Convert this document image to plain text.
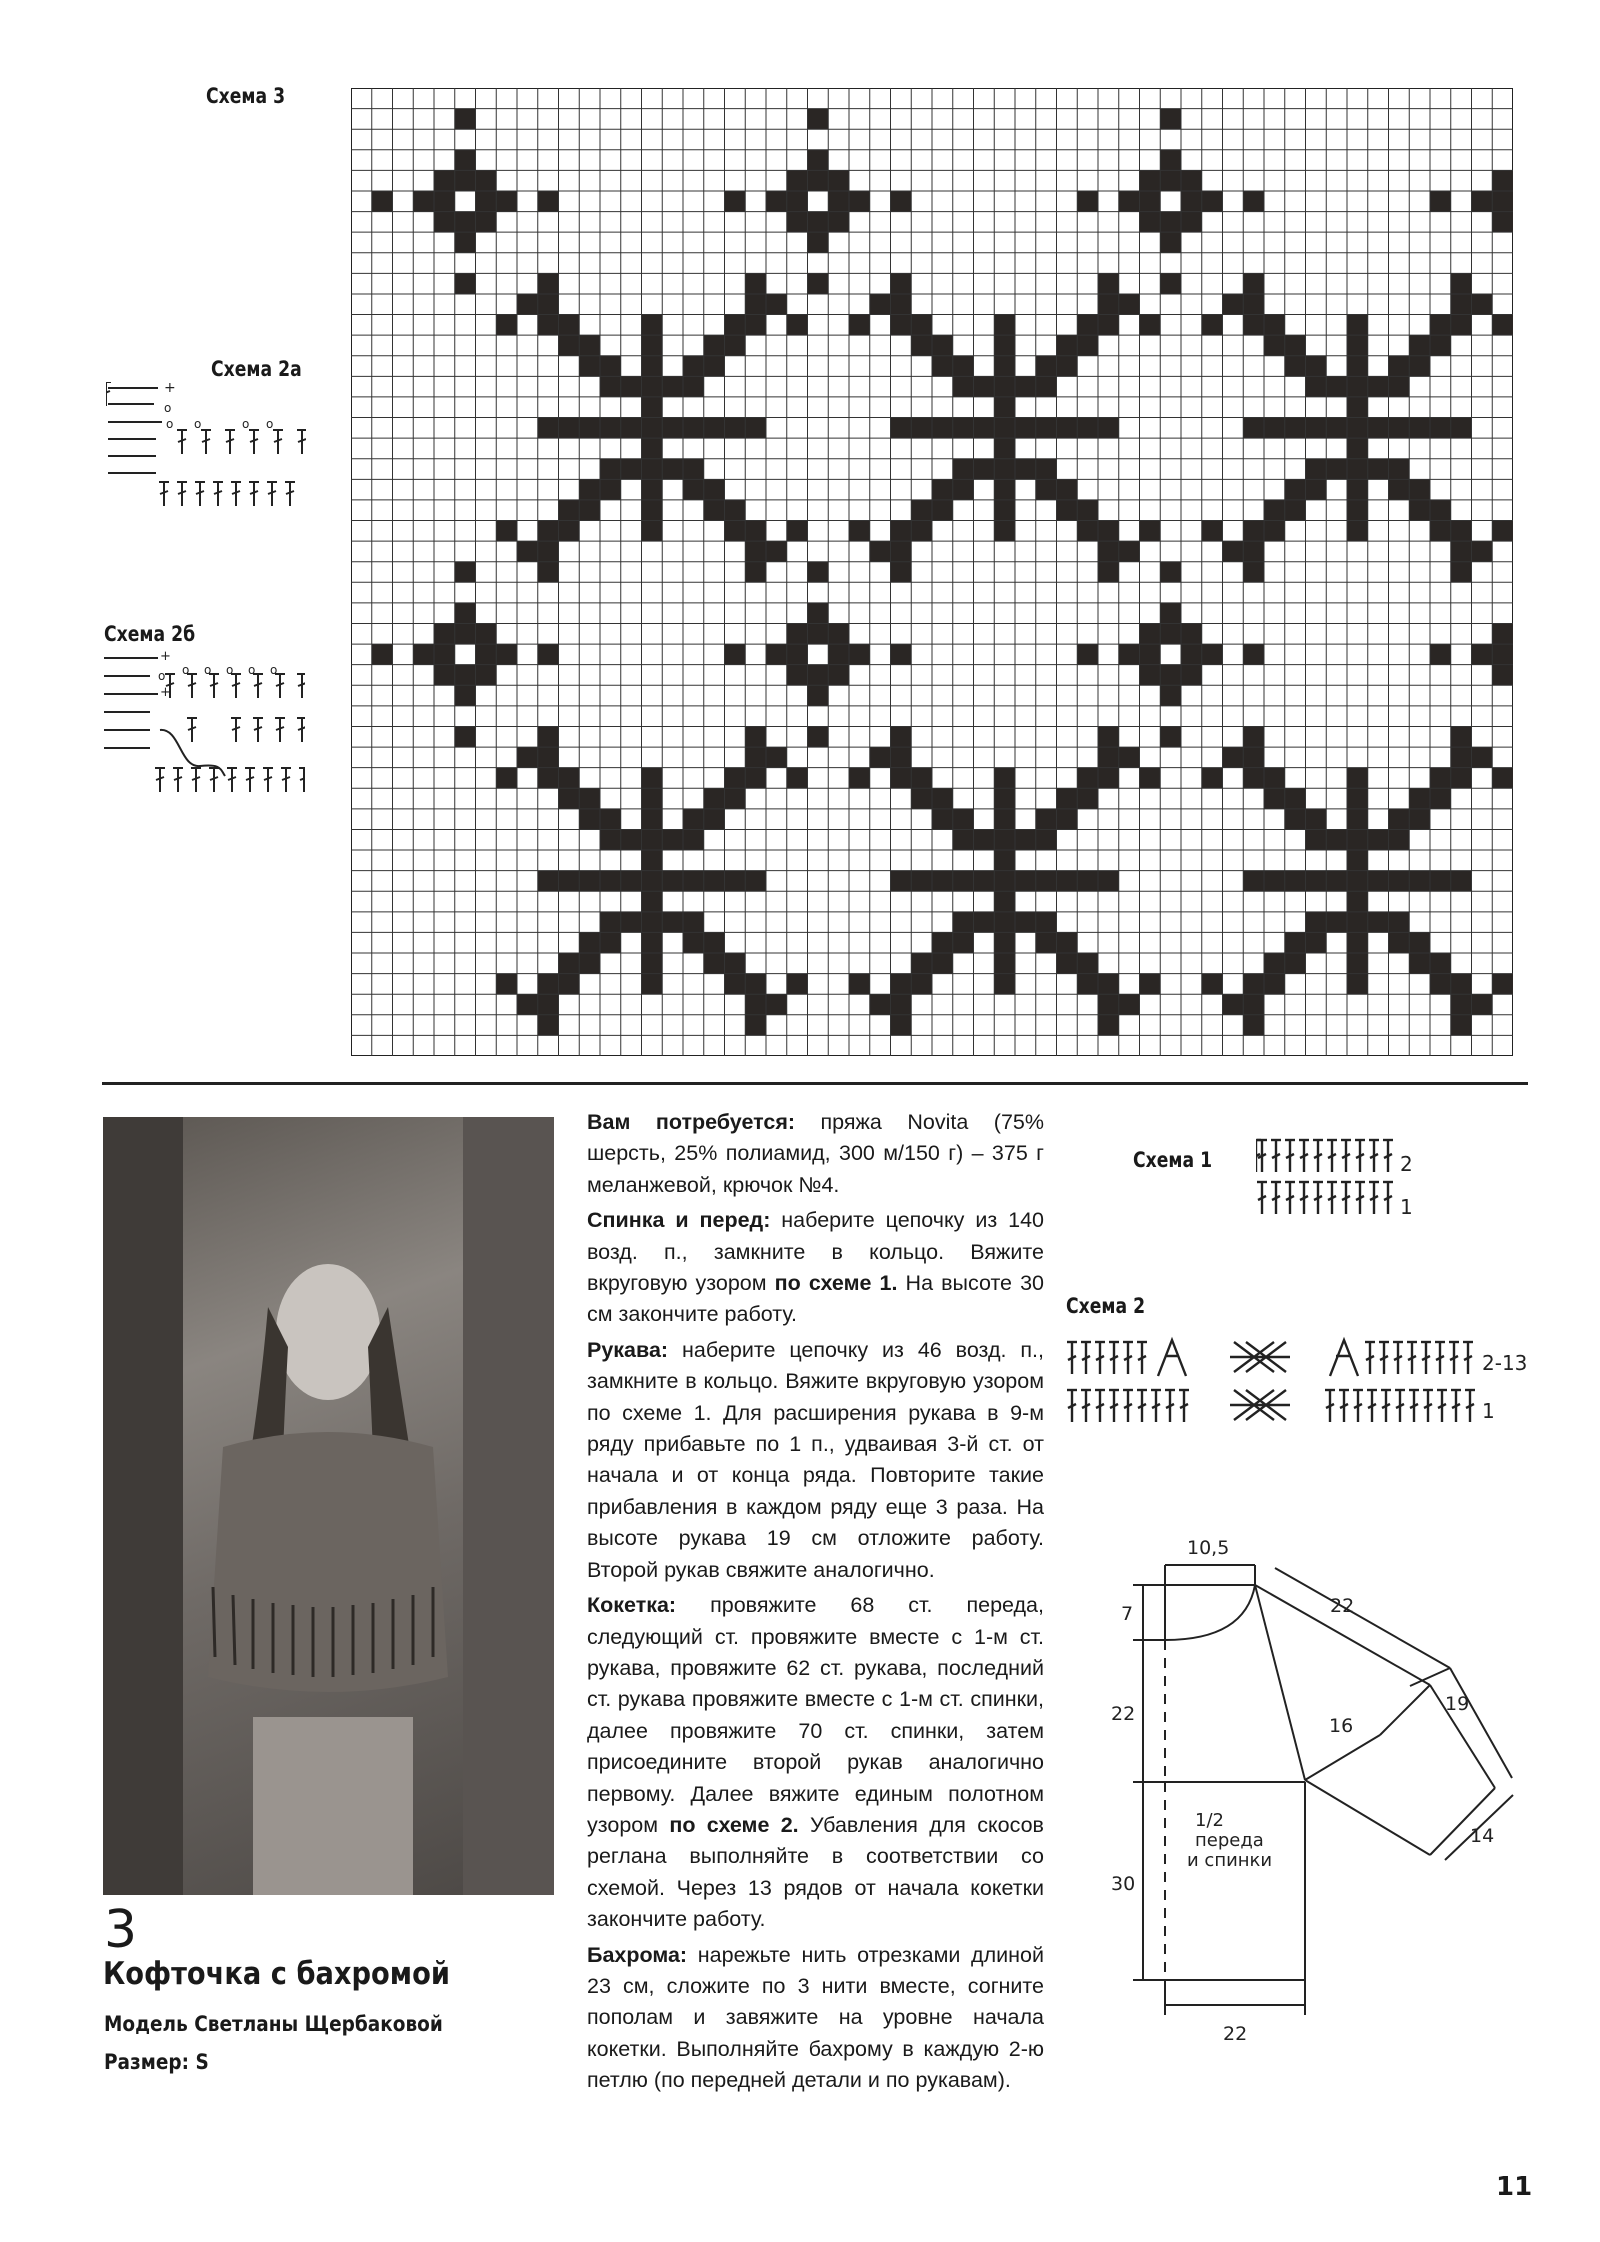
Схема 3
Схема 2а
Схема 2б
+
o
o o	o o
+
o
+
o o o o o
3
Кофточка с бахромой
Модель Светланы Щербаковой
Размер: S

Вам потребуется: пряжа Novita (75% шерсть, 25% полиамид, 300 м/150 г) – 375 г меланжевой, крючок №4.

Спинка и перед: наберите цепочку из 140 возд. п., замкните в кольцо. Вяжите вкруговую узором по схеме 1. На высоте 30 см закончите работу.

Рукава: наберите цепочку из 46 возд. п., замкните в кольцо. Вяжите вкруговую узором по схеме 1. Для расширения рукава в 9-м ряду прибавьте по 1 п., удваивая 3-й ст. от начала и от конца ряда. Повторите такие прибавления в каждом ряду еще 3 раза. На высоте рукава 19 см отложите работу. Второй рукав свяжите аналогично.

Кокетка: провяжите 68 ст. переда, следующий ст. провяжите вместе с 1-м ст. рукава, провяжите 62 ст. рукава, последний ст. рукава провяжите вместе с 1-м ст. спинки, далее провяжите 70 ст. спинки, затем присоедините второй рукав аналогично первому. Далее вяжите единым полотном узором по схеме 2. Убавления для скосов реглана выполняйте в соответствии со схемой. Через 13 рядов от начала кокетки закончите работу.

Бахрома: нарежьте нить отрезками длиной 23 см, сложите по 3 нити вместе, согните пополам и завяжите на уровне начала кокетки. Выполняйте бахрому в каждую 2-ю петлю (по передней детали и по рукавам).

Схема 1	2
1
Схема 2
2-13
1
10,5
7	22
19
16
14
22
30
22
1/2
переда
и спинки
11
